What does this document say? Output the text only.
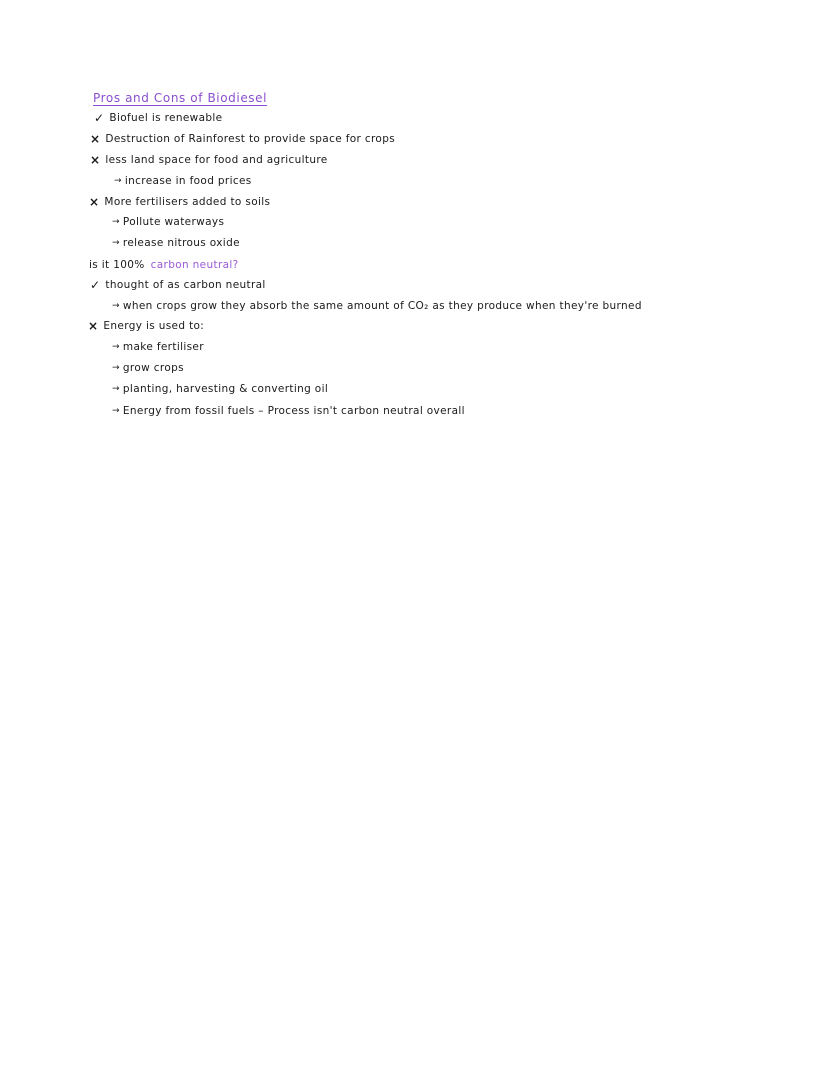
Pros and Cons of Biodiesel
✓ Biofuel is renewable
× Destruction of Rainforest to provide space for crops
× less land space for food and agriculture
→ increase in food prices
× More fertilisers added to soils
→ Pollute waterways
→ release nitrous oxide
is it 100% carbon neutral?
✓ thought of as carbon neutral
→ when crops grow they absorb the same amount of CO₂ as they produce when they're burned
× Energy is used to:
→ make fertiliser
→ grow crops
→ planting, harvesting & converting oil
→ Energy from fossil fuels – Process isn't carbon neutral overall
